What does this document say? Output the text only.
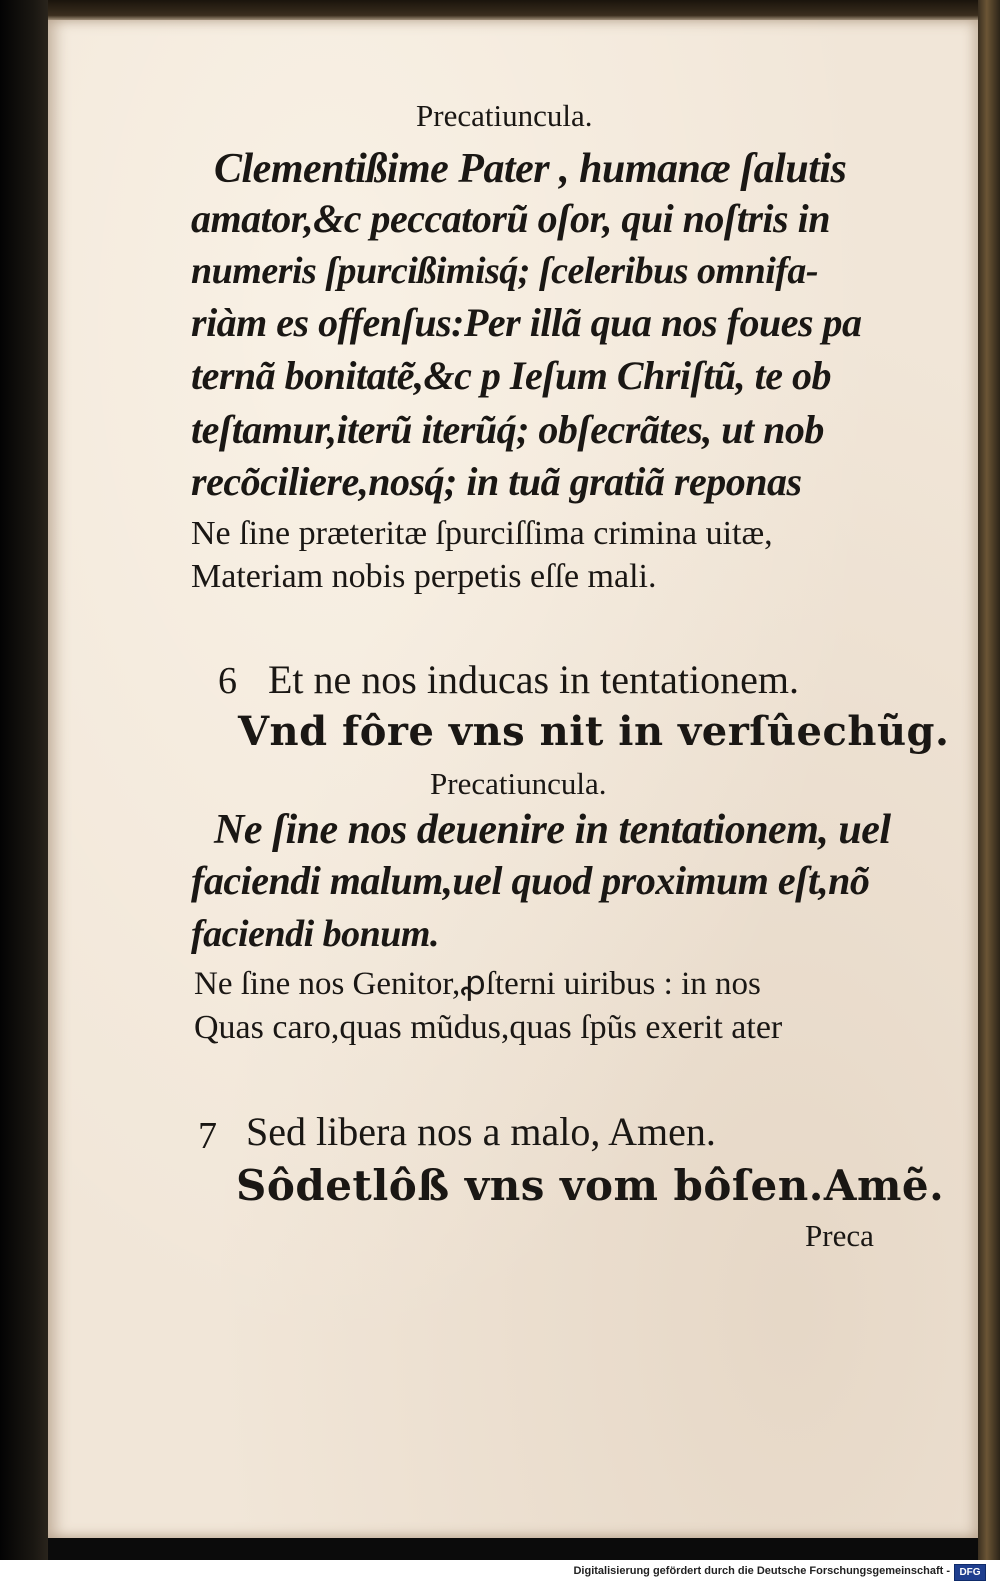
Precatiuncula.
Clementißime Pater , humanæ ſalutis
amator,&c peccatorũ oſor, qui noſtris in
numeris ſpurcißimisq́; ſceleribus omnifa-
riàm es offenſus:Per illã qua nos foues pa
ternã bonitatẽ,&c p Ieſum Chriſtũ, te ob
teſtamur,iterũ iterũq́; obſecrãtes, ut nob
recõciliere,nosq́; in tuã gratiã reponas
Ne ſine præteritæ ſpurciſſima crimina uitæ,
Materiam nobis perpetis eſſe mali.
6 Et ne nos inducas in tentationem.
Vnd fôre vns nit in verſûechũg.
Precatiuncula.
Ne ſine nos deuenire in tentationem, uel
faciendi malum,uel quod proximum eſt,nõ
faciendi bonum.
Ne ſine nos Genitor,ꝓſterni uiribus : in nos
Quas caro,quas mũdus,quas ſpũs exerit ater
7 Sed libera nos a malo, Amen.
Sôdetlôß vns vom bôſen.Amẽ.
Preca
Digitalisierung gefördert durch die Deutsche Forschungsgemeinschaft - DFG
